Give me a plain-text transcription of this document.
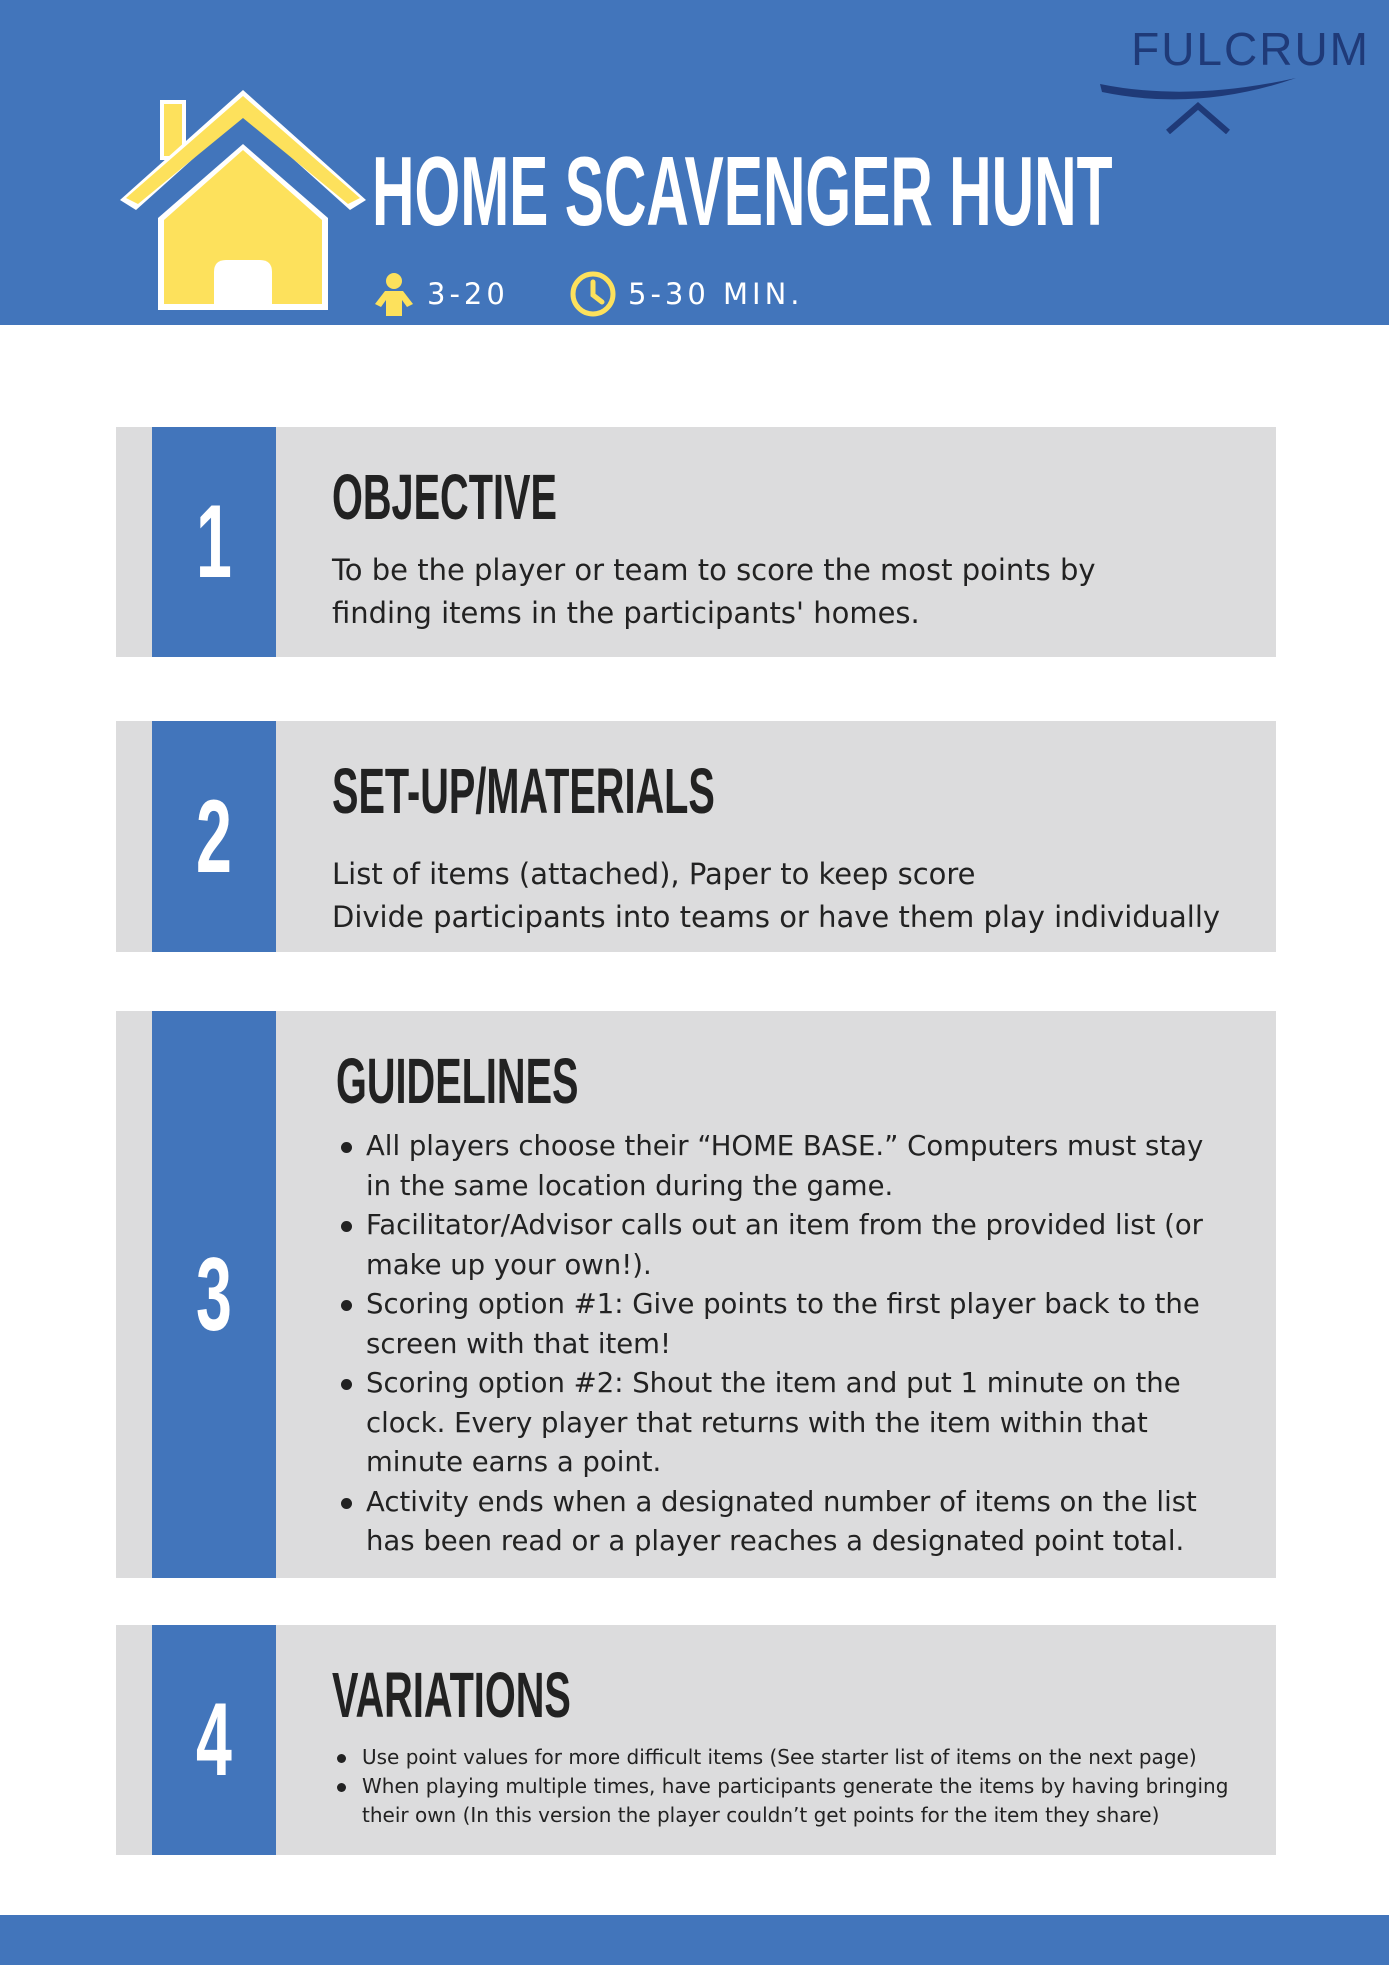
HOME SCAVENGER HUNT
3-20	5-30 MIN.
FULCRUM
1 OBJECTIVE

To be the player or team to score the most points by
finding items in the participants' homes.

2 SET-UP/MATERIALS

List of items (attached), Paper to keep score
Divide participants into teams or have them play individually

3
GUIDELINES
All players choose their “HOME BASE.” Computers must stay in the same location during the game.
Facilitator/Advisor calls out an item from the provided list (or make up your own!).
Scoring option #1: Give points to the first player back to the screen with that item!
Scoring option #2: Shout the item and put 1 minute on the clock. Every player that returns with the item within that minute earns a point.
Activity ends when a designated number of items on the list has been read or a player reaches a designated point total.
4 VARIATIONS
Use point values for more difficult items (See starter list of items on the next page)
When playing multiple times, have participants generate the items by having bringing their own (In this version the player couldn’t get points for the item they share)
